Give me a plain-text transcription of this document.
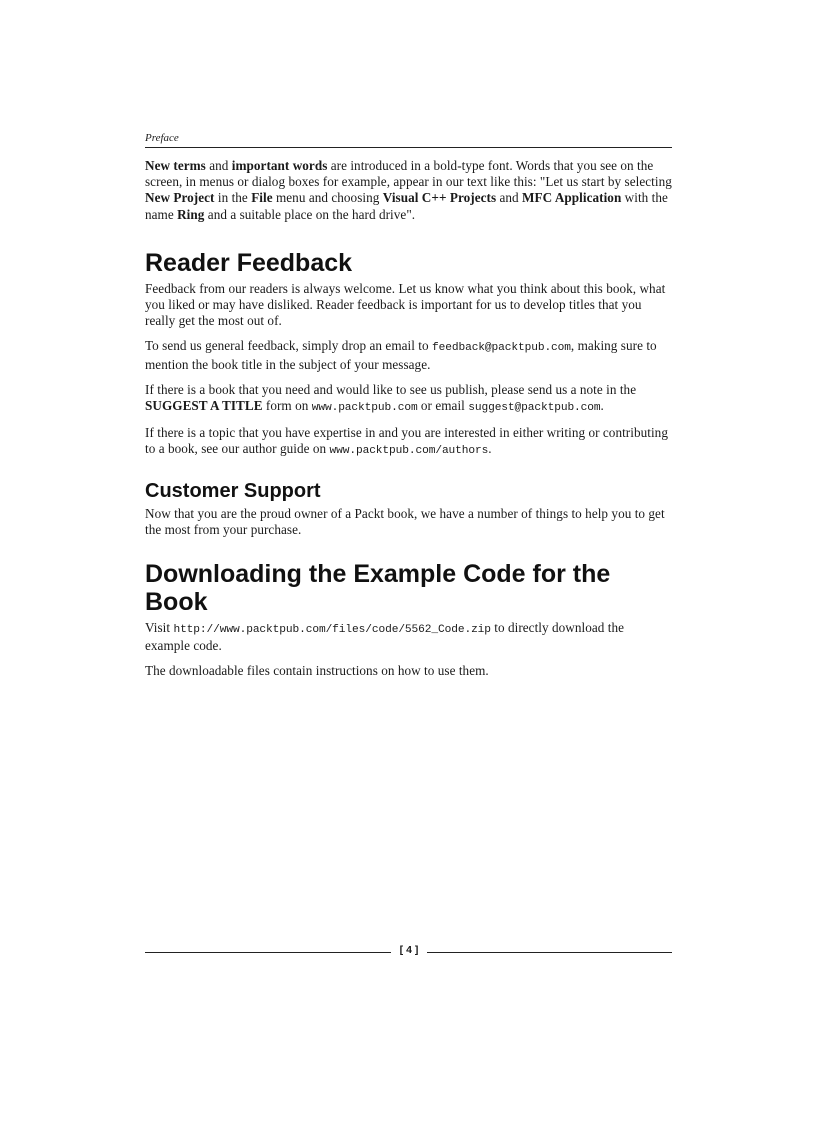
Preface

New terms and important words are introduced in a bold-type font. Words that you see on the screen, in menus or dialog boxes for example, appear in our text like this: "Let us start by selecting New Project in the File menu and choosing Visual C++ Projects and MFC Application with the name Ring and a suitable place on the hard drive".

Reader Feedback

Feedback from our readers is always welcome. Let us know what you think about this book, what you liked or may have disliked. Reader feedback is important for us to develop titles that you really get the most out of.

To send us general feedback, simply drop an email to feedback@packtpub.com, making sure to mention the book title in the subject of your message.

If there is a book that you need and would like to see us publish, please send us a note in the SUGGEST A TITLE form on www.packtpub.com or email suggest@packtpub.com.

If there is a topic that you have expertise in and you are interested in either writing or contributing to a book, see our author guide on www.packtpub.com/authors.

Customer Support

Now that you are the proud owner of a Packt book, we have a number of things to help you to get the most from your purchase.

Downloading the Example Code for the Book

Visit http://www.packtpub.com/files/code/5562_Code.zip to directly download the example code.

The downloadable files contain instructions on how to use them.

[ 4 ]
